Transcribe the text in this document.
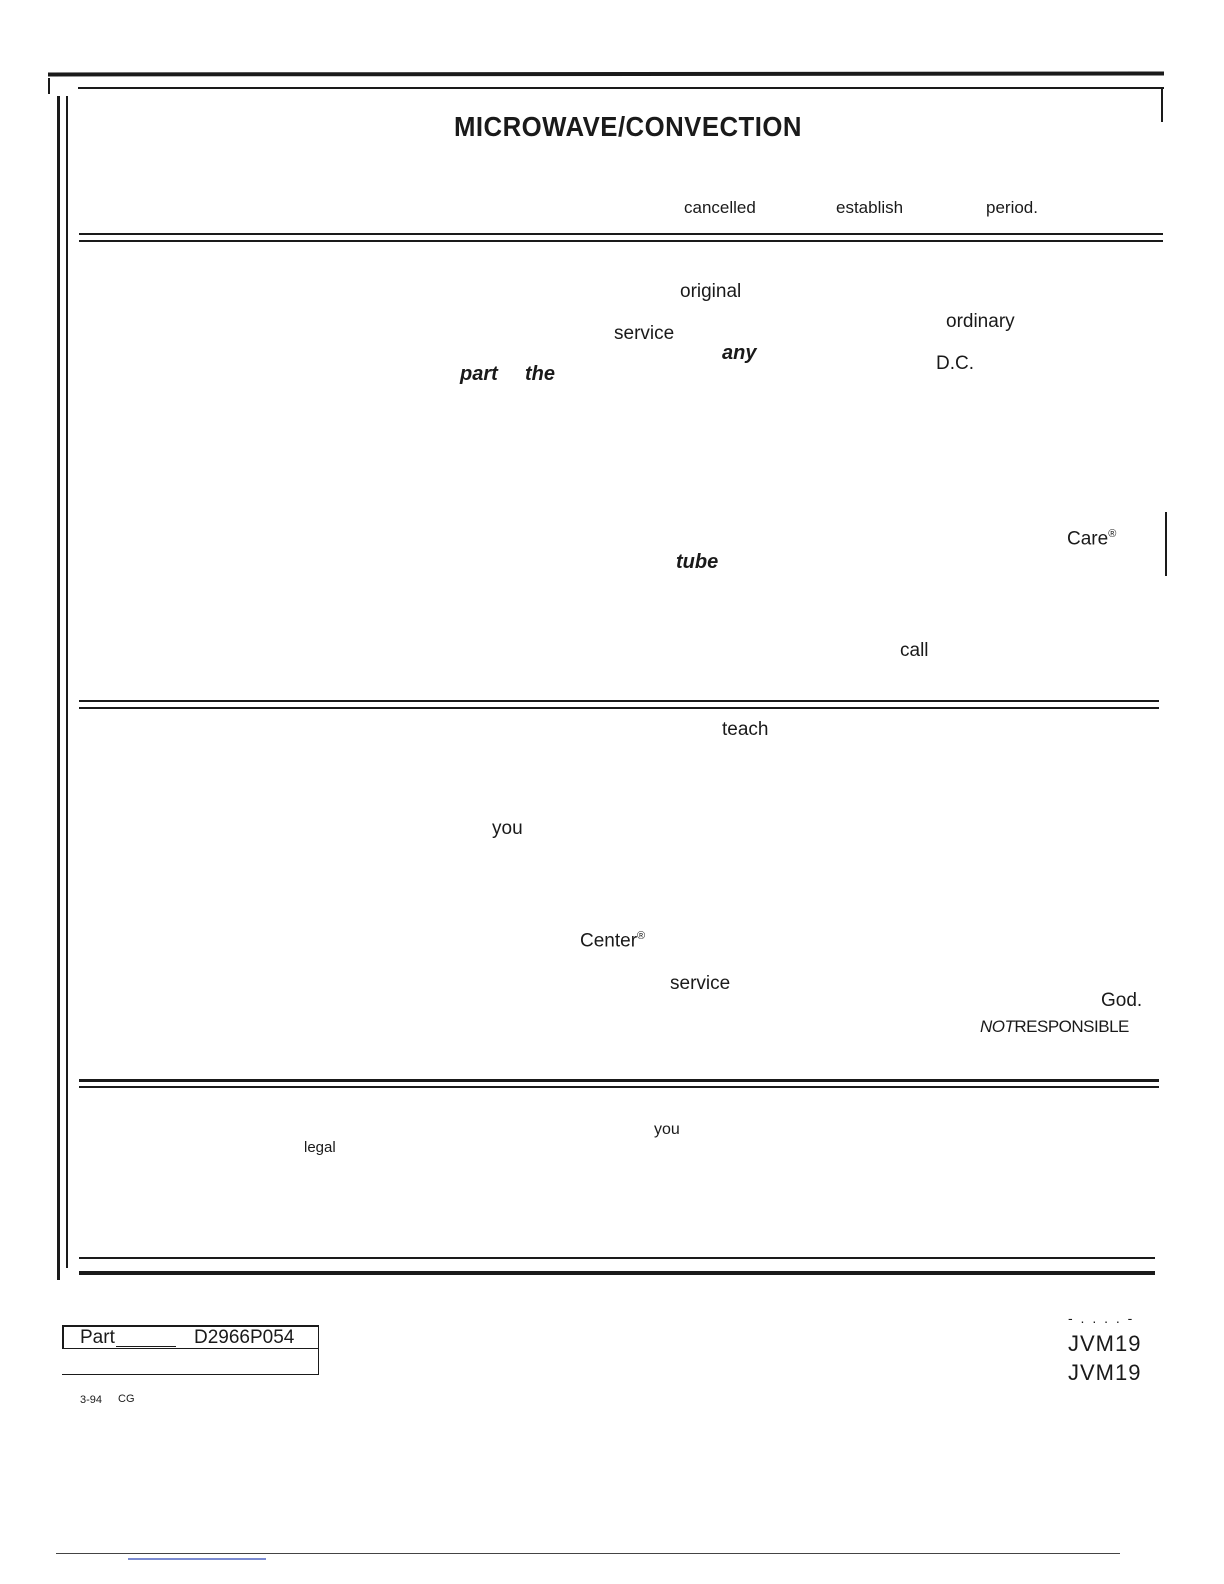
MICROWAVE/CONVECTION
cancelled	establish	period.
original
ordinary
service
any	D.C.
part the
Care®
tube
call
teach
you
Center®
service
God.
NOTRESPONSIBLE
you
legal
Part	D2966P054
3-94 CG
- . . . . -
JVM19
JVM19
